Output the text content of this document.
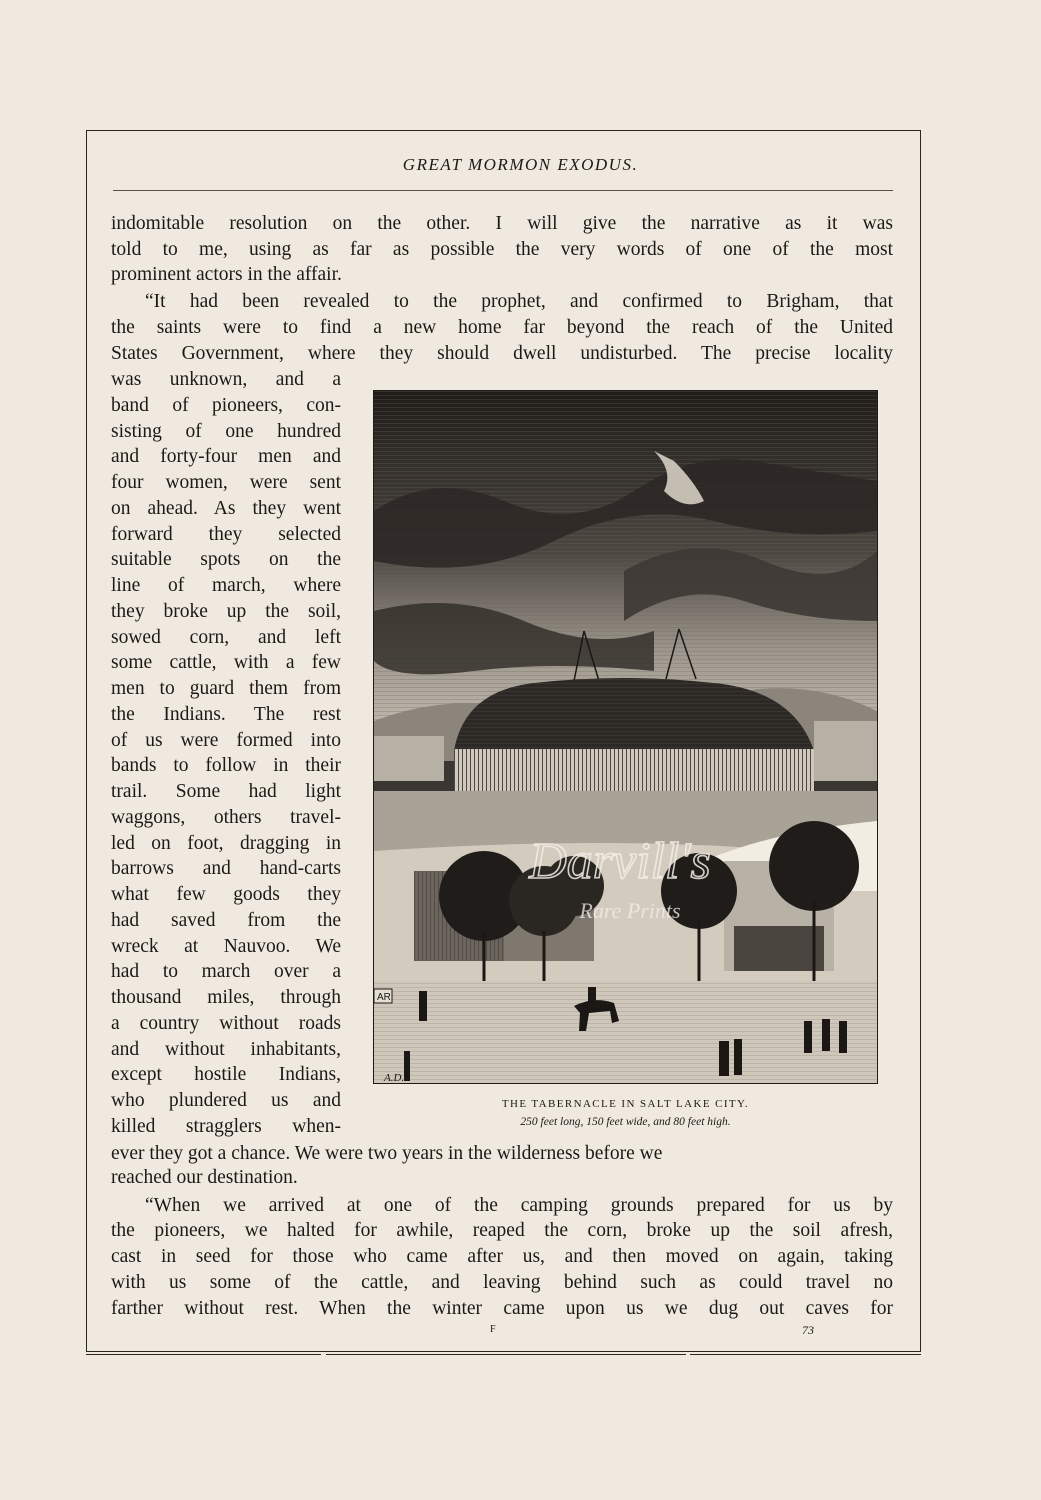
GREAT MORMON EXODUS.
indomitable resolution on the other. I will give the narrative as it was
told to me, using as far as possible the very words of one of the most
prominent actors in the affair.
“It had been revealed to the prophet, and confirmed to Brigham, that
the saints were to find a new home far beyond the reach of the United
States Government, where they should dwell undisturbed. The precise locality
was unknown, and a
band of pioneers, con-
sisting of one hundred
and forty-four men and
four women, were sent
on ahead. As they went
forward they selected
suitable spots on the
line of march, where
they broke up the soil,
sowed corn, and left
some cattle, with a few
men to guard them from
the Indians. The rest
of us were formed into
bands to follow in their
trail. Some had light
waggons, others travel-
led on foot, dragging in
barrows and hand-carts
what few goods they
had saved from the
wreck at Nauvoo. We
had to march over a
thousand miles, through
a country without roads
and without inhabitants,
except hostile Indians,
who plundered us and
killed stragglers when-
ever they got a chance. We were two years in the wilderness before we
reached our destination.
“When we arrived at one of the camping grounds prepared for us by
the pioneers, we halted for awhile, reaped the corn, broke up the soil afresh,
cast in seed for those who came after us, and then moved on again, taking
with us some of the cattle, and leaving behind such as could travel no
farther without rest. When the winter came upon us we dug out caves for
AR
A.D.
Darvill's
Rare Prints
THE TABERNACLE IN SALT LAKE CITY.
250 feet long, 150 feet wide, and 80 feet high.
F	73
